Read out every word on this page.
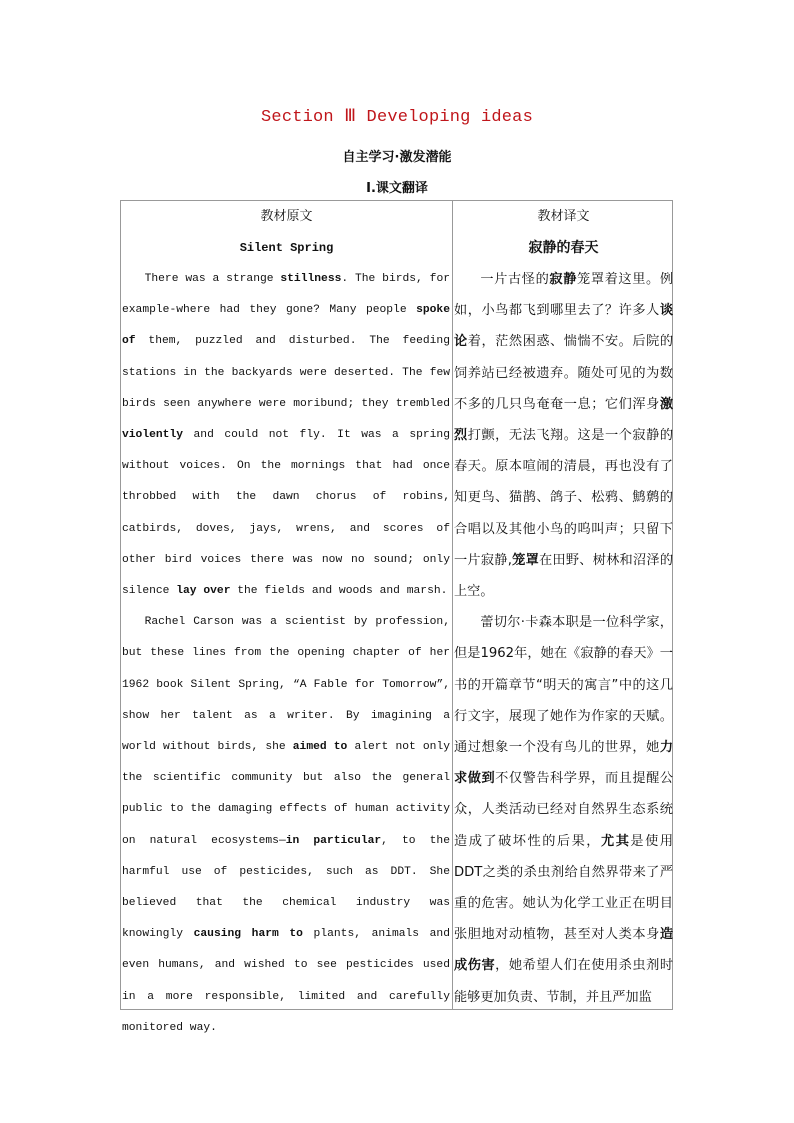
Section Ⅲ Developing ideas
自主学习·激发潜能
Ⅰ.课文翻译
教材原文
Silent Spring

There was a strange stillness. The birds, for example-where had they gone? Many people spoke of them, puzzled and disturbed. The feeding stations in the backyards were deserted. The few birds seen anywhere were moribund; they trembled violently and could not fly. It was a spring without voices. On the mornings that had once throbbed with the dawn chorus of robins, catbirds, doves, jays, wrens, and scores of other bird voices there was now no sound; only silence lay over the fields and woods and marsh.

Rachel Carson was a scientist by profession, but these lines from the opening chapter of her 1962 book Silent Spring, “A Fable for Tomorrow”, show her talent as a writer. By imagining a world without birds, she aimed to alert not only the scientific community but also the general public to the damaging effects of human activity on natural ecosystems—in particular, to the harmful use of pesticides, such as DDT. She believed that the chemical industry was knowingly causing harm to plants, animals and even humans, and wished to see pesticides used in a more responsible, limited and carefully monitored way.

教材译文
寂静的春天

一片古怪的寂静笼罩着这里。例如，小鸟都飞到哪里去了？许多人谈论着，茫然困惑、惴惴不安。后院的饲养站已经被遗弃。随处可见的为数不多的几只鸟奄奄一息；它们浑身激烈打颤，无法飞翔。这是一个寂静的春天。原本喧闹的清晨，再也没有了知更鸟、猫鹊、鸽子、松鸦、鹪鹩的合唱以及其他小鸟的呜叫声；只留下一片寂静,笼罩在田野、树林和沼泽的上空。

蕾切尔·卡森本职是一位科学家，但是1962年，她在《寂静的春天》一书的开篇章节“明天的寓言”中的这几行文字，展现了她作为作家的天赋。通过想象一个没有鸟儿的世界，她力求做到不仅警告科学界，而且提醒公众，人类活动已经对自然界生态系统造成了破坏性的后果，尤其是使用DDT之类的杀虫剂给自然界带来了严重的危害。她认为化学工业正在明目张胆地对动植物，甚至对人类本身造成伤害，她希望人们在使用杀虫剂时能够更加负责、节制，并且严加监
